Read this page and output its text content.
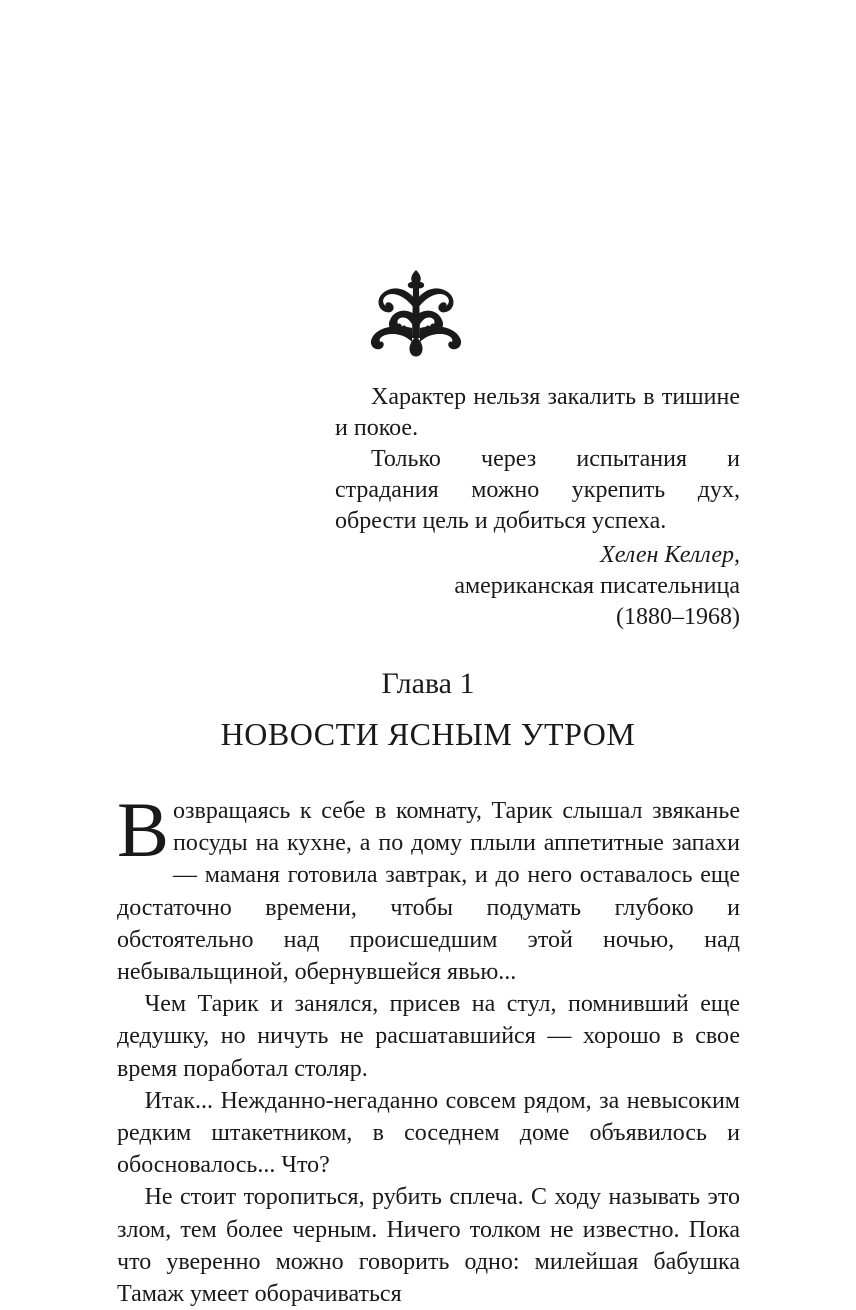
Характер нельзя закалить в тишине и покое.

Только через испытания и страдания можно укрепить дух, обрести цель и добиться успеха.

Хелен Келлер,
американская писательница
(1880–1968)
Глава 1
НОВОСТИ ЯСНЫМ УТРОМ

Возвращаясь к себе в комнату, Тарик слышал звяканье посуды на кухне, а по дому плыли аппетитные запахи — маманя готовила завтрак, и до него оставалось еще достаточно времени, чтобы подумать глубоко и обстоятельно над происшедшим этой ночью, над небывальщиной, обернувшейся явью...

Чем Тарик и занялся, присев на стул, помнивший еще дедушку, но ничуть не расшатавшийся — хорошо в свое время поработал столяр.

Итак... Нежданно-негаданно совсем рядом, за невысоким редким штакетником, в соседнем доме объявилось и обосновалось... Что?

Не стоит торопиться, рубить сплеча. С ходу называть это злом, тем более черным. Ничего толком не известно. Пока что уверенно можно говорить одно: милейшая бабушка Тамаж умеет оборачиваться
